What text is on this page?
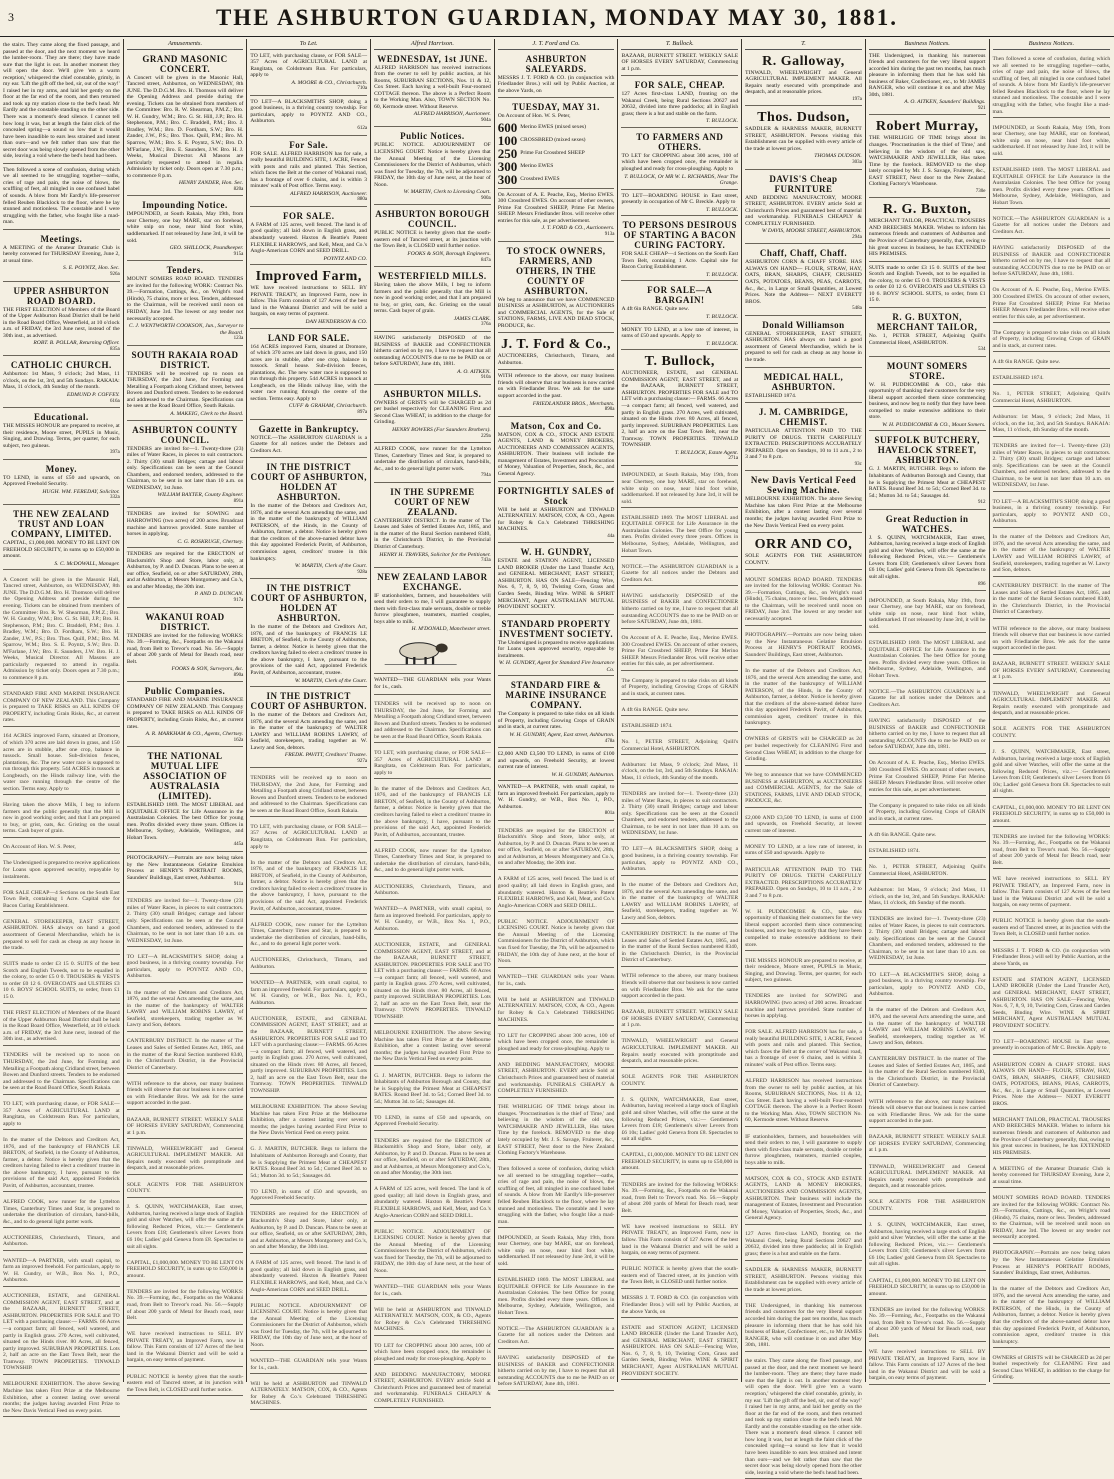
3	THE ASHBURTON GUARDIAN, MONDAY MAY 30, 1881.

the stairs. They came along the fixed passage, and passed at the door, and the next moment we heard the lumber-room. 'They are there; they have made sure that the light is out. In another moment they will open the door. We'll give 'em a warm reception,' whispered the chief constable, grimly, in my ear. 'Lift the gift off the bed, sir, out of the way!' I raised her in my arms, and laid her gently on the floor at the far end of the room, and then returned and took up my station close to the bed's head. Mr Eardly and the constable standing on the other side. There was a moment's dead silence. I cannot tell how long it was, but at length the faint click of the concealed spring—a sound so low that it would have been inaudible to ears less strained and intent than ours—and we felt rather than saw that the secret door was being slowly opened from the other side, leaving a void where the bed's head had been.

Then followed a scene of confusion, during which we all seemed to be struggling together—oaths, cries of rage and pain, the noise of blows, the scuffling of feet, all mingled in one confused babel of sounds. A blow from Mr Eardly's life-preserver felled Reuben Blacklock to the floor, where he lay stunned and motionless. The constable and I were struggling with the father, who fought like a mad-man.

Meetings.

A MEETING of the Amateur Dramatic Club is hereby convened for THURSDAY Evening, June 2, at usual time.

S. E. POYNTZ, Hon. Sec.
926a
UPPER ASHBURTON ROAD BOARD.

THE FIRST ELECTION of Members of the Board of the Upper Ashburton Road District shall be held in the Road Board Office, Westerfield, at 10 o'clock a.m. of FRIDAY, the 3rd June next, instead of the 30th inst., as advertised.

ROBT. B. POLLAR, Returning Officer.
835a
CATHOLIC CHURCH.

Ashburton: 1st Mass, 9 o'clock; 2nd Mass, 11 o'clock, on the 1st, 3rd, and 5th Sundays. RAKAIA: Mass, 11 o'clock, 4th Sunday of the month.

EDMUND P. COFFEY.
616a
Educational.

THE MISSES HONOUR are prepared to receive, at their residence, Moore street, PUPILS in Music, Singing, and Drawing. Terms, per quarter, for each subject, two guineas.

397a
Money.

TO LEND, in sums of £50 and upwards, on Approved Freehold Security.

HUGH. WM. FEREDAY, Solicitor.
332a
THE NEW ZEALAND TRUST AND LOAN COMPANY, LIMITED.

CAPITAL, £1,000,000. MONEY TO BE LENT ON FREEHOLD SECURITY, in sums up to £50,000 in amount.

S. C. McDOWALL, Manager.

A Concert will be given in the Masonic Hall, Tancred street, Ashburton, on WEDNESDAY, 8th JUNE. The D.D.G.M. Bro. H. Thomson will deliver the Opening Address and preside during the evening. Tickets can be obtained from members of the Committee: Bro. R. W. Shearman, P.M.Z.; Bro. W. H. Gundry, W.M.; Bro. G. St. Hill, J.P.; Bro. H. Stephenson, P.M.; Bro. C. Braddell, P.M.; Bro. J. Bradley, W.M.; Bro. D. Fordham, S.W.; Bro. H. Zander, J.W., P.S.; Bro. Thos. Quill, P.M.; Bro. M. Sparrow, W.M.; Bro. S. E. Poyntz, S.W.; Bro. D. M'Farlane, J.W.; Bro. E. Saunders, J.W. Bro. H. J. Weeks, Musical Director. All Masons are particularly requested to attend in regalia. Admission by ticket only. Doors open at 7.30 p.m.; to commence 8 p.m.

STANDARD FIRE AND MARINE INSURANCE COMPANY OF NEW ZEALAND. This Company is prepared to TAKE RISKS on ALL KINDS OF PROPERTY, including Grain Risks, &c., at current rates.

164 ACRES improved Farm, situated at Dromore, of which 370 acres are laid down in grass, and 150 acres are in stubble, after one crop, balance in tussock. Small house. Sub-division fences, plantations, &c. The new water race is supposed to run through this property. 544 ACRES in tussock at Longbeach, on the Hinds railway line, with the water race running through the centre of the section. Terms easy. Apply to

Having taken the above Mills, I beg to inform farmers and the public generally that the Mill is now in good working order, and that I am prepared to buy, or grist, oats, &c. Gristing on the usual terms. Cash buyer of grain.

On Account of Hon. W. S. Peter,

The Undersigned is prepared to receive applications for Loans upon approved security, repayable by instalments.

FOR SALE CHEAP—4 Sections on the South East Town Belt, containing 1 Acre. Capital site for Bacon Curing Establishment.

GENERAL STOREKEEPER, EAST STREET, ASHBURTON. HAS always on hand a good assortment of General Merchandise, which he is prepared to sell for cash as cheap as any house in the trade.

SUITS made to order £3 15 0. SUITS of the best Scotch and English Tweeds, not to be equalled in the colony, to order £5 0 0. TROUSERS & VESTS to order £0 12 6. OVERCOATS and ULSTERS £3 10 6. BOYS' SCHOOL SUITS, to order, from £1 15 0.

THE FIRST ELECTION of Members of the Board of the Upper Ashburton Road District shall be held in the Road Board Office, Westerfield, at 10 o'clock a.m. of FRIDAY, the 3rd June next, instead of the 30th inst., as advertised.

TENDERS will be received up to noon on THURSDAY, the 2nd June, for Forming and Metalling a Footpath along Cridland street, between Bowen and Dunford streets. Tenders to be endorsed and addressed to the Chairman. Specifications can be seen at the Road Board Office, South Rakaia.

TO LET, with purchasing clause, or FOR SALE—357 Acres of AGRICULTURAL LAND at Rangitata, on Coldstream Run. For particulars, apply to

In the matter of the Debtors and Creditors Act, 1876, and of the bankruptcy of FRANCIS LE BRETON, of Seafield, in the County of Ashburton, farmer, a debtor. Notice is hereby given that the creditors having failed to elect a creditors' trustee in the above bankruptcy, I have, pursuant to the provisions of the said Act, appointed Frederick Pavitt, of Ashburton, accountant, trustee.

ALFRED COOK, now runner for the Lyttelton Times, Canterbury Times and Star, is prepared to undertake the distribution of circulars, hand-bills, &c., and to do general light porter work.

AUCTIONEERS, Christchurch, Timaru, and Ashburton.

WANTED—A PARTNER, with small capital, to farm an improved freehold. For particulars, apply to W. H. Gundry, or W.B., Box No. 1, P.O., Ashburton.

AUCTIONEER, ESTATE, and GENERAL COMMISSION AGENT, EAST STREET, and at the BAZAAR, BURNETT STREET, ASHBURTON. PROPERTIES FOR SALE and TO LET with a purchasing clause:— FARMS. 66 Acres—a compact farm; all fenced, well watered, and partly in English grass. 270 Acres, well cultivated, situated on the Hinds river. 80 Acres, all fenced, partly improved. SUBURBAN PROPERTIES. Lots 2, half an acre on the East Town Belt, near the Tramway. TOWN PROPERTIES. TINWALD TOWNSHIP.

MELBOURNE EXHIBITION. The above Sewing Machine has taken First Prize at the Melbourne Exhibition, after a contest lasting over several months; the judges having awarded First Prize to the New Davis Vertical Feed on every point.

Amusements.
GRAND MASONIC CONCERT.

A Concert will be given in the Masonic Hall, Tancred street, Ashburton, on WEDNESDAY, 8th JUNE. The D.D.G.M. Bro. H. Thomson will deliver the Opening Address and preside during the evening. Tickets can be obtained from members of the Committee: Bro. R. W. Shearman, P.M.Z.; Bro. W. H. Gundry, W.M.; Bro. G. St. Hill, J.P.; Bro. H. Stephenson, P.M.; Bro. C. Braddell, P.M.; Bro. J. Bradley, W.M.; Bro. D. Fordham, S.W.; Bro. H. Zander, J.W., P.S.; Bro. Thos. Quill, P.M.; Bro. M. Sparrow, W.M.; Bro. S. E. Poyntz, S.W.; Bro. D. M'Farlane, J.W.; Bro. E. Saunders, J.W. Bro. H. J. Weeks, Musical Director. All Masons are particularly requested to attend in regalia. Admission by ticket only. Doors open at 7.30 p.m.; to commence 8 p.m.

HENRY ZANDER, Hon. Sec.
820a
Impounding Notice.

IMPOUNDED, at South Rakaia, May 19th, from near Chertsey, one bay MARE, star on forehead, white snip on nose, near hind foot white, saddlemarked. If not released by June 3rd, it will be sold.

GEO. SHILLOCK, Poundkeeper.
915a
Tenders.

MOUNT SOMERS ROAD BOARD. TENDERS are invited for the following WORK: Contract No. 39.—Formation, Cuttings, &c., on Wright's road (Hinds), 75 chains, more or less. Tenders, addressed to the Chairman, will be received until noon on FRIDAY, June 3rd. The lowest or any tender not necessarily accepted.

C. J. WENTWORTH COOKSON, Jun., Surveyor to the Board.
123a
SOUTH RAKAIA ROAD DISTRICT.

TENDERS will be received up to noon on THURSDAY, the 2nd June, for Forming and Metalling a Footpath along Cridland street, between Bowen and Dunford streets. Tenders to be endorsed and addressed to the Chairman. Specifications can be seen at the Road Board Office, South Rakaia.

A. MAKEIG, Clerk to the Board.
ASHBURTON COUNTY COUNCIL.

TENDERS are invited for—1. Twenty-three (23) miles of Water Races, in pieces to suit contractors. 2. Thirty (30) small Bridges; cartage and labour only. Specifications can be seen at the Council Chambers, and endorsed tenders, addressed to the Chairman, to be sent in not later than 10 a.m. on WEDNESDAY, 1st June.

WILLIAM BAXTER, County Engineer.
891a

TENDERS are invited for SOWING and HARROWING (two acres) of 200 acres. Broadcast machine and harrows provided. State number of horses in applying.

C. G. ROSKRUGE, Chertsey.

TENDERS are required for the ERECTION of Blacksmith's Shop and Store, labor only, at Ashburton, by P. and D. Duncan. Plans to be seen at our office, Seafield, on or after SATURDAY, 28th, and at Ashburton, at Messrs Montgomery and Co.'s, on and after Monday, the 30th inst.

P. AND D. DUNCAN.
917a
WAKANUI ROAD DISTRICT.

TENDERS are invited for the following WORKS: No. 39.—Forming, &c., Footpaths on the Wakanui road, from Belt to Trevor's road. No. 56.—Supply of about 200 yards of Metal for Beach road, near Belt.

FOOKS & SON, Surveyors, &c.
890a
Public Companies.

STANDARD FIRE AND MARINE INSURANCE COMPANY OF NEW ZEALAND. This Company is prepared to TAKE RISKS on ALL KINDS OF PROPERTY, including Grain Risks, &c., at current rates.

A. R. MARKHAM & CO., Agents, Chertsey.
162a
THE NATIONAL MUTUAL LIFE ASSOCIATION OF AUSTRALASIA (LIMITED).

ESTABLISHED 1869. The MOST LIBERAL and EQUITABLE OFFICE for Life Assurance in the Australasian Colonies. The best Office for young men. Profits divided every three years. Offices in Melbourne, Sydney, Adelaide, Wellington, and Hobart Town.

445a

PHOTOGRAPHY.—Portraits are now being taken by the New Instantaneous Gelatine Emulsion Process at HENRY'S PORTRAIT ROOMS, Saunders' Buildings, East street, Ashburton.

911a

TENDERS are invited for—1. Twenty-three (23) miles of Water Races, in pieces to suit contractors. 2. Thirty (30) small Bridges; cartage and labour only. Specifications can be seen at the Council Chambers, and endorsed tenders, addressed to the Chairman, to be sent in not later than 10 a.m. on WEDNESDAY, 1st June.

TO LET—A BLACKSMITH'S SHOP, doing a good business, in a thriving country township. For particulars, apply to POYNTZ AND CO., Ashburton.

In the matter of the Debtors and Creditors Act, 1876, and the several Acts amending the same, and in the matter of the bankruptcy of WALTER LAWRY and WILLIAM ROBINS LAWRY, of Seafield, storekeepers, trading together as W. Lawry and Son, debtors.

CANTERBURY DISTRICT. In the matter of The Leases and Sales of Settled Estates Act, 1865, and in the matter of the Rural Section numbered 8340, in the Christchurch District, in the Provincial District of Canterbury.

WITH reference to the above, our many business friends will observe that our business is now carried on with Friedlander Bros. We ask for the same support accorded in the past.

BAZAAR, BURNETT STREET. WEEKLY SALE OF HORSES EVERY SATURDAY, Commencing at 1 p.m.

TINWALD, WHEELWRIGHT and General AGRICULTURAL IMPLEMENT MAKER. All Repairs neatly executed with promptitude and despatch, and at reasonable prices.

SOLE AGENTS FOR THE ASHBURTON COUNTY.

J. S. QUINN, WATCHMAKER, East street, Ashburton, having received a large stock of English gold and silver Watches, will offer the same at the following Reduced Prices, viz.:— Gentlemen's Levers from £18; Gentlemen's silver Levers from £6 10s; Ladies' gold Geneva from £8. Spectacles to suit all sights.

CAPITAL, £1,000,000. MONEY TO BE LENT ON FREEHOLD SECURITY, in sums up to £50,000 in amount.

TENDERS are invited for the following WORKS: No. 39.—Forming, &c., Footpaths on the Wakanui road, from Belt to Trevor's road. No. 56.—Supply of about 200 yards of Metal for Beach road, near Belt.

WE have received instructions to SELL BY PRIVATE TREATY, an Improved Farm, now in fallow. This Farm consists of 127 Acres of the best land in the Wakanui District and will be sold a bargain, on easy terms of payment.

PUBLIC NOTICE is hereby given that the south-eastern end of Tancred street, at its junction with the Town Belt, is CLOSED until further notice.

To Let.

TO LET, with purchasing clause, or FOR SALE—357 Acres of AGRICULTURAL LAND at Rangitata, on Coldstream Run. For particulars, apply to

A. MOORE & CO., Christchurch.
710a

TO LET—A BLACKSMITH'S SHOP, doing a good business, in a thriving country township. For particulars, apply to POYNTZ AND CO., Ashburton.

612a
For Sale.

FOR SALE. ALFRED HARRISON has for sale, a really beautiful BUILDING SITE, 1 ACRE, Fenced with posts and rails and planted. This Section, which faces the Belt at the corner of Wakanui road, has a frontage of over 6 chains, and is within 3 minutes' walk of Post office. Terms easy.

ALFRED HARRISON, Auctioneer.
880a
FOR SALE.

A FARM of 125 acres, well fenced. The land is of good quality; all laid down in English grass, and abundantly watered. Haxton & Beattie's Patent FLEXIBLE HARROWS, and Kell, Meat, and Co.'s Anglo-American CORN and SEED DRILL.

POYNTZ AND CO.
Improved Farm,

WE have received instructions to SELL BY PRIVATE TREATY, an Improved Farm, now in fallow. This Farm consists of 127 Acres of the best land in the Wakanui District and will be sold a bargain, on easy terms of payment.

DAN HENDERSON & CO.
LAND FOR SALE.

164 ACRES improved Farm, situated at Dromore, of which 370 acres are laid down in grass, and 150 acres are in stubble, after one crop, balance in tussock. Small house. Sub-division fences, plantations, &c. The new water race is supposed to run through this property. 544 ACRES in tussock at Longbeach, on the Hinds railway line, with the water race running through the centre of the section. Terms easy. Apply to

CUFF & GRAHAM, Christchurch.
897a
Gazette in Bankruptcy.

NOTICE.—The ASHBURTON GUARDIAN is a Gazette for all notices under the Debtors and Creditors Act.

IN THE DISTRICT COURT OF ASHBURTON, HOLDEN AT ASHBURTON.

In the matter of the Debtors and Creditors Act, 1876, and the several Acts amending the same, and in the matter of the bankruptcy of WILLIAM PATERSON, of the Hinds, in the County of Ashburton, farmer, a debtor. Notice is hereby given that the creditors of the above-named debtor have this day appointed Frederick Pavitt, of Ashburton, commission agent, creditors' trustee in this bankruptcy.

W. MARTIN, Clerk of the Court.
928a
IN THE DISTRICT COURT OF ASHBURTON, HOLDEN AT ASHBURTON.

In the matter of the Debtors and Creditors Act, 1876, and of the bankruptcy of FRANCIS LE BRETON, of Seafield, in the County of Ashburton, farmer, a debtor. Notice is hereby given that the creditors having failed to elect a creditors' trustee in the above bankruptcy, I have, pursuant to the provisions of the said Act, appointed Frederick Pavitt, of Ashburton, accountant, trustee.

W. MARTIN, Clerk of the Court.
IN THE DISTRICT COURT OF ASHBURTON.

In the matter of the Debtors and Creditors Act, 1876, and the several Acts amending the same, and in the matter of the bankruptcy of WALTER LAWRY and WILLIAM ROBINS LAWRY, of Seafield, storekeepers, trading together as W. Lawry and Son, debtors.

FREDK. PAVITT, Creditors' Trustee.
927a

TENDERS will be received up to noon on THURSDAY, the 2nd June, for Forming and Metalling a Footpath along Cridland street, between Bowen and Dunford streets. Tenders to be endorsed and addressed to the Chairman. Specifications can be seen at the Road Board Office, South Rakaia.

TO LET, with purchasing clause, or FOR SALE—357 Acres of AGRICULTURAL LAND at Rangitata, on Coldstream Run. For particulars, apply to

In the matter of the Debtors and Creditors Act, 1876, and of the bankruptcy of FRANCIS LE BRETON, of Seafield, in the County of Ashburton, farmer, a debtor. Notice is hereby given that the creditors having failed to elect a creditors' trustee in the above bankruptcy, I have, pursuant to the provisions of the said Act, appointed Frederick Pavitt, of Ashburton, accountant, trustee.

ALFRED COOK, now runner for the Lyttelton Times, Canterbury Times and Star, is prepared to undertake the distribution of circulars, hand-bills, &c., and to do general light porter work.

AUCTIONEERS, Christchurch, Timaru, and Ashburton.

WANTED—A PARTNER, with small capital, to farm an improved freehold. For particulars, apply to W. H. Gundry, or W.B., Box No. 1, P.O., Ashburton.

AUCTIONEER, ESTATE, and GENERAL COMMISSION AGENT, EAST STREET, and at the BAZAAR, BURNETT STREET, ASHBURTON. PROPERTIES FOR SALE and TO LET with a purchasing clause:— FARMS. 66 Acres—a compact farm; all fenced, well watered, and partly in English grass. 270 Acres, well cultivated, situated on the Hinds river. 80 Acres, all fenced, partly improved. SUBURBAN PROPERTIES. Lots 2, half an acre on the East Town Belt, near the Tramway. TOWN PROPERTIES. TINWALD TOWNSHIP.

MELBOURNE EXHIBITION. The above Sewing Machine has taken First Prize at the Melbourne Exhibition, after a contest lasting over several months; the judges having awarded First Prize to the New Davis Vertical Feed on every point.

G. J. MARTIN, BUTCHER. Begs to inform the Inhabitants of Ashburton Borough and County, that he is Supplying the Primest Meat at CHEAPEST RATES. Round Beef 3d. to 5d.; Corned Beef 3d. to 5d.; Mutton 3d. to 5d.; Sausages 4d.

TO LEND, in sums of £50 and upwards, on Approved Freehold Security.

TENDERS are required for the ERECTION of Blacksmith's Shop and Store, labor only, at Ashburton, by P. and D. Duncan. Plans to be seen at our office, Seafield, on or after SATURDAY, 28th, and at Ashburton, at Messrs Montgomery and Co.'s, on and after Monday, the 30th inst.

A FARM of 125 acres, well fenced. The land is of good quality; all laid down in English grass, and abundantly watered. Haxton & Beattie's Patent FLEXIBLE HARROWS, and Kell, Meat, and Co.'s Anglo-American CORN and SEED DRILL.

PUBLIC NOTICE. ADJOURNMENT OF LICENSING COURT. Notice is hereby given that the Annual Meeting of the Licensing Commissioners for the District of Ashburton, which was fixed for Tuesday, the 7th, will be adjourned to FRIDAY, the 10th day of June next, at the hour of Noon.

WANTED—THE GUARDIAN tells your Wants for 1s., cash.

Will be held at ASHBURTON and TINWALD ALTERNATELY. MATSON, COX, & CO., Agents for Robey & Co.'s Celebrated THRESHING MACHINES.

Alfred Harrison.
WEDNESDAY, 1st JUNE.

ALFRED HARRISON has received instructions from the owner to sell by public auction, at his Rooms, SUBURBAN SECTIONS, Nos. 11 & 12, Cox Street. Each having a well-built Four-roomed COTTAGE thereon. The above is a Perfect Room to the Working Man. Also, TOWN SECTION No. 60, Kermode street. Without Reserve.

ALFRED HARRISON, Auctioneer.
904a
Public Notices.

PUBLIC NOTICE. ADJOURNMENT OF LICENSING COURT. Notice is hereby given that the Annual Meeting of the Licensing Commissioners for the District of Ashburton, which was fixed for Tuesday, the 7th, will be adjourned to FRIDAY, the 10th day of June next, at the hour of Noon.

W. MARTIN, Clerk to Licensing Court.
900a
ASHBURTON BOROUGH COUNCIL.

PUBLIC NOTICE is hereby given that the south-eastern end of Tancred street, at its junction with the Town Belt, is CLOSED until further notice.

FOOKS & SON, Borough Engineers.
847a
WESTERFIELD MILLS.

Having taken the above Mills, I beg to inform farmers and the public generally that the Mill is now in good working order, and that I am prepared to buy, or grist, oats, &c. Gristing on the usual terms. Cash buyer of grain.

JAMES CLARK.
376a

HAVING satisfactorily DISPOSED of the BUSINESS of BAKER and CONFECTIONER hitherto carried on by me, I have to request that all outstanding ACCOUNTS due to me be PAID on or before SATURDAY, June 4th, 1881.

A. O. AITKEN.
910a
ASHBURTON MILLS.

OWNERS of GRISTS will be CHARGED as 2d per bushel respectively for CLEANING First and Second Class WHEAT, in addition to the charge for Grinding.

HENRY BOWERS (For Saunders Brothers).
229a

ALFRED COOK, now runner for the Lyttelton Times, Canterbury Times and Star, is prepared to undertake the distribution of circulars, hand-bills, &c., and to do general light porter work.

794a
IN THE SUPREME COURT OF NEW ZEALAND.

CANTERBURY DISTRICT. In the matter of The Leases and Sales of Settled Estates Act, 1865, and in the matter of the Rural Section numbered 8340, in the Christchurch District, in the Provincial District of Canterbury.

HENRY H. TRAVERS, Solicitor for the Petitioner.
743a
NEW ZEALAND LABOR EXCHANGE.

IF stationholders, farmers, and householders will send their orders to me, I will guarantee to supply them with first-class male servants, double or treble furrow ploughmen, teamsters, married couples, boys able to milk.

H. M'DONALD, Manchester street.

WANTED—THE GUARDIAN tells your Wants for 1s., cash.

TENDERS will be received up to noon on THURSDAY, the 2nd June, for Forming and Metalling a Footpath along Cridland street, between Bowen and Dunford streets. Tenders to be endorsed and addressed to the Chairman. Specifications can be seen at the Road Board Office, South Rakaia.

TO LET, with purchasing clause, or FOR SALE—357 Acres of AGRICULTURAL LAND at Rangitata, on Coldstream Run. For particulars, apply to

In the matter of the Debtors and Creditors Act, 1876, and of the bankruptcy of FRANCIS LE BRETON, of Seafield, in the County of Ashburton, farmer, a debtor. Notice is hereby given that the creditors having failed to elect a creditors' trustee in the above bankruptcy, I have, pursuant to the provisions of the said Act, appointed Frederick Pavitt, of Ashburton, accountant, trustee.

ALFRED COOK, now runner for the Lyttelton Times, Canterbury Times and Star, is prepared to undertake the distribution of circulars, hand-bills, &c., and to do general light porter work.

AUCTIONEERS, Christchurch, Timaru, and Ashburton.

WANTED—A PARTNER, with small capital, to farm an improved freehold. For particulars, apply to W. H. Gundry, or W.B., Box No. 1, P.O., Ashburton.

AUCTIONEER, ESTATE, and GENERAL COMMISSION AGENT, EAST STREET, and at the BAZAAR, BURNETT STREET, ASHBURTON. PROPERTIES FOR SALE and TO LET with a purchasing clause:— FARMS. 66 Acres—a compact farm; all fenced, well watered, and partly in English grass. 270 Acres, well cultivated, situated on the Hinds river. 80 Acres, all fenced, partly improved. SUBURBAN PROPERTIES. Lots 2, half an acre on the East Town Belt, near the Tramway. TOWN PROPERTIES. TINWALD TOWNSHIP.

MELBOURNE EXHIBITION. The above Sewing Machine has taken First Prize at the Melbourne Exhibition, after a contest lasting over several months; the judges having awarded First Prize to the New Davis Vertical Feed on every point.

G. J. MARTIN, BUTCHER. Begs to inform the Inhabitants of Ashburton Borough and County, that he is Supplying the Primest Meat at CHEAPEST RATES. Round Beef 3d. to 5d.; Corned Beef 3d. to 5d.; Mutton 3d. to 5d.; Sausages 4d.

TO LEND, in sums of £50 and upwards, on Approved Freehold Security.

TENDERS are required for the ERECTION of Blacksmith's Shop and Store, labor only, at Ashburton, by P. and D. Duncan. Plans to be seen at our office, Seafield, on or after SATURDAY, 28th, and at Ashburton, at Messrs Montgomery and Co.'s, on and after Monday, the 30th inst.

A FARM of 125 acres, well fenced. The land is of good quality; all laid down in English grass, and abundantly watered. Haxton & Beattie's Patent FLEXIBLE HARROWS, and Kell, Meat, and Co.'s Anglo-American CORN and SEED DRILL.

PUBLIC NOTICE. ADJOURNMENT OF LICENSING COURT. Notice is hereby given that the Annual Meeting of the Licensing Commissioners for the District of Ashburton, which was fixed for Tuesday, the 7th, will be adjourned to FRIDAY, the 10th day of June next, at the hour of Noon.

WANTED—THE GUARDIAN tells your Wants for 1s., cash.

Will be held at ASHBURTON and TINWALD ALTERNATELY. MATSON, COX, & CO., Agents for Robey & Co.'s Celebrated THRESHING MACHINES.

TO LET for CROPPING about 300 acres, 100 of which have been cropped once, the remainder is ploughed and ready for cross-ploughing. Apply to

AND BEDDING MANUFACTORY, MOORE STREET, ASHBURTON. EVERY article Sold at Christchurch Prices and guaranteed best of material and workmanship. FUNERALS CHEAPLY & COMPLETELY FURNISHED.

J. T. Ford and Co.
ASHBURTON SALEYARDS.

MESSRS J. T. FORD & CO. (in conjunction with Friedlander Bros.) will sell by Public Auction, at the above Yards, on

TUESDAY, MAY 31.

On Account of Hon. W. S. Peter,

600 Merino EWES (mixed sexes)
100 CROSSBRED (mixed sexes)
250 Prime Fat Crossbred SHEEP
300 Merino EWES
300 Crossbred EWES

On Account of A. E. Peache, Esq., Merino EWES. 300 Crossbred EWES. On account of other owners, Prime Fat Crossbred SHEEP, Prime Fat Merino SHEEP. Messrs Friedlander Bros. will receive other entries for this sale, as per advertisement.

J. T. FORD & CO., Auctioneers.
913a
TO STOCK OWNERS, FARMERS, AND OTHERS, IN THE COUNTY OF ASHBURTON.

We beg to announce that we have COMMENCED BUSINESS at ASHBURTON, as AUCTIONEERS and COMMERCIAL AGENTS, for the Sale of STATIONS, FARMS, LIVE AND DEAD STOCK, PRODUCE, &c.

J. T. Ford & Co.,

AUCTIONEERS, Christchurch, Timaru, and Ashburton.

WITH reference to the above, our many business friends will observe that our business is now carried on with Friedlander Bros. We ask for the same support accorded in the past.

FRIEDLANDER BROS., Merchants.
890a
Matson, Cox and Co.

MATSON, COX & CO., STOCK AND ESTATE AGENTS, LAND & MONEY BROKERS, AUCTIONEERS AND COMMISSION AGENTS, ASHBURTON. Their business will include the management of Estates, Investment and Procuration of Money, Valuation of Properties, Stock, &c., and General Agency.

FORTNIGHTLY SALES of Stock

Will be held at ASHBURTON and TINWALD ALTERNATELY. MATSON, COX, & CO., Agents for Robey & Co.'s Celebrated THRESHING MACHINES.

44a
W. H. GUNDRY,

ESTATE and STATION AGENT, LICENSED LAND BROKER (Under the Land Transfer Act), and GENERAL MERCHANT, EAST STREET, ASHBURTON. HAS ON SALE—Fencing Wire, Nos. 6, 7, 8, 9, 10, Twisting Corn, Grass and Garden Seeds, Binding Wire. WINE & SPIRIT MERCHANT, Agent AUSTRALIAN MUTUAL PROVIDENT SOCIETY.

STANDARD PROPERTY INVESTMENT SOCIETY.

The Undersigned is prepared to receive applications for Loans upon approved security, repayable by instalments.

W. H. GUNDRY, Agent for Standard Fire Insurance Co.
STANDARD FIRE & MARINE INSURANCE COMPANY.

The Company is prepared to take risks on all kinds of Property, including Growing Crops of GRAIN and in stack, at current rates.

W. H. GUNDRY, Agent, East street, Ashburton.
478a

£2,000 AND £3,500 TO LEND, in sums of £100 and upwards, on Freehold Security, at lowest current rate of interest.

W. H. GUNDRY, Ashburton.

WANTED—A PARTNER, with small capital, to farm an improved freehold. For particulars, apply to W. H. Gundry, or W.B., Box No. 1, P.O., Ashburton.

801a

TENDERS are required for the ERECTION of Blacksmith's Shop and Store, labor only, at Ashburton, by P. and D. Duncan. Plans to be seen at our office, Seafield, on or after SATURDAY, 28th, and at Ashburton, at Messrs Montgomery and Co.'s, on and after Monday, the 30th inst.

A FARM of 125 acres, well fenced. The land is of good quality; all laid down in English grass, and abundantly watered. Haxton & Beattie's Patent FLEXIBLE HARROWS, and Kell, Meat, and Co.'s Anglo-American CORN and SEED DRILL.

PUBLIC NOTICE. ADJOURNMENT OF LICENSING COURT. Notice is hereby given that the Annual Meeting of the Licensing Commissioners for the District of Ashburton, which was fixed for Tuesday, the 7th, will be adjourned to FRIDAY, the 10th day of June next, at the hour of Noon.

WANTED—THE GUARDIAN tells your Wants for 1s., cash.

Will be held at ASHBURTON and TINWALD ALTERNATELY. MATSON, COX, & CO., Agents for Robey & Co.'s Celebrated THRESHING MACHINES.

TO LET for CROPPING about 300 acres, 100 of which have been cropped once, the remainder is ploughed and ready for cross-ploughing. Apply to

AND BEDDING MANUFACTORY, MOORE STREET, ASHBURTON. EVERY article Sold at Christchurch Prices and guaranteed best of material and workmanship. FUNERALS CHEAPLY & COMPLETELY FURNISHED.

THE WHIRLIGIG OF TIME brings about its changes. 'Procrastination is the thief of Time,' and believing in the wisdom of the old saw, WATCHMAKER AND JEWELLER, Has taken Time by the forelock. REMOVED to the shop lately occupied by Mr. J. S. Savage, Fruiterer, &c., EAST STREET, Next door to the New Zealand Clothing Factory's Warehouse.

Then followed a scene of confusion, during which we all seemed to be struggling together—oaths, cries of rage and pain, the noise of blows, the scuffling of feet, all mingled in one confused babel of sounds. A blow from Mr Eardly's life-preserver felled Reuben Blacklock to the floor, where he lay stunned and motionless. The constable and I were struggling with the father, who fought like a mad-man.

IMPOUNDED, at South Rakaia, May 19th, from near Chertsey, one bay MARE, star on forehead, white snip on nose, near hind foot white, saddlemarked. If not released by June 3rd, it will be sold.

ESTABLISHED 1869. The MOST LIBERAL and EQUITABLE OFFICE for Life Assurance in the Australasian Colonies. The best Office for young men. Profits divided every three years. Offices in Melbourne, Sydney, Adelaide, Wellington, and Hobart Town.

NOTICE.—The ASHBURTON GUARDIAN is a Gazette for all notices under the Debtors and Creditors Act.

HAVING satisfactorily DISPOSED of the BUSINESS of BAKER and CONFECTIONER hitherto carried on by me, I have to request that all outstanding ACCOUNTS due to me be PAID on or before SATURDAY, June 4th, 1881.

T. Bullock.

BAZAAR, BURNETT STREET. WEEKLY SALE OF HORSES EVERY SATURDAY, Commencing at 1 p.m.

FOR SALE, CHEAP.

127 Acres first-class LAND, fronting on the Wakanui Creek, being Rural Sections 20627 and 20632, divided into three paddocks; all in English grass; there is a hut and stable on the farm.

T. BULLOCK.
TO FARMERS AND OTHERS.

TO LET for CROPPING about 300 acres, 100 of which have been cropped once, the remainder is ploughed and ready for cross-ploughing. Apply to

T. BULLOCK, Or MR W. L. RICHARDS, Near The Grange.

TO LET—BOARDING HOUSE in East street, presently in occupation of Mr C. Breckle. Apply to

T. BULLOCK.
TO PERSONS DESIROUS OF STARTING A BACON CURING FACTORY.

FOR SALE CHEAP—4 Sections on the South East Town Belt, containing 1 Acre. Capital site for Bacon Curing Establishment.

T. BULLOCK.
FOR SALE—A BARGAIN!

A 4ft 6in RANGE. Quite new.

T. BULLOCK.

MONEY TO LEND, at a low rate of interest, in sums of £50 and upwards. Apply to

T. BULLOCK.
T. Bullock,

AUCTIONEER, ESTATE, and GENERAL COMMISSION AGENT, EAST STREET, and at the BAZAAR, BURNETT STREET, ASHBURTON. PROPERTIES FOR SALE and TO LET with a purchasing clause:— FARMS. 66 Acres—a compact farm; all fenced, well watered, and partly in English grass. 270 Acres, well cultivated, situated on the Hinds river. 80 Acres, all fenced, partly improved. SUBURBAN PROPERTIES. Lots 2, half an acre on the East Town Belt, near the Tramway. TOWN PROPERTIES. TINWALD TOWNSHIP.

T. BULLOCK, Estate Agent.
271a

IMPOUNDED, at South Rakaia, May 19th, from near Chertsey, one bay MARE, star on forehead, white snip on nose, near hind foot white, saddlemarked. If not released by June 3rd, it will be sold.

ESTABLISHED 1869. The MOST LIBERAL and EQUITABLE OFFICE for Life Assurance in the Australasian Colonies. The best Office for young men. Profits divided every three years. Offices in Melbourne, Sydney, Adelaide, Wellington, and Hobart Town.

NOTICE.—The ASHBURTON GUARDIAN is a Gazette for all notices under the Debtors and Creditors Act.

HAVING satisfactorily DISPOSED of the BUSINESS of BAKER and CONFECTIONER hitherto carried on by me, I have to request that all outstanding ACCOUNTS due to me be PAID on or before SATURDAY, June 4th, 1881.

On Account of A. E. Peache, Esq., Merino EWES. 300 Crossbred EWES. On account of other owners, Prime Fat Crossbred SHEEP, Prime Fat Merino SHEEP. Messrs Friedlander Bros. will receive other entries for this sale, as per advertisement.

The Company is prepared to take risks on all kinds of Property, including Growing Crops of GRAIN and in stack, at current rates.

A 4ft 6in RANGE. Quite new.

ESTABLISHED 1874.

No. 1, PETER STREET, Adjoining Quill's Commercial Hotel, ASHBURTON.

Ashburton: 1st Mass, 9 o'clock; 2nd Mass, 11 o'clock, on the 1st, 3rd, and 5th Sundays. RAKAIA: Mass, 11 o'clock, 4th Sunday of the month.

TENDERS are invited for—1. Twenty-three (23) miles of Water Races, in pieces to suit contractors. 2. Thirty (30) small Bridges; cartage and labour only. Specifications can be seen at the Council Chambers, and endorsed tenders, addressed to the Chairman, to be sent in not later than 10 a.m. on WEDNESDAY, 1st June.

TO LET—A BLACKSMITH'S SHOP, doing a good business, in a thriving country township. For particulars, apply to POYNTZ AND CO., Ashburton.

In the matter of the Debtors and Creditors Act, 1876, and the several Acts amending the same, and in the matter of the bankruptcy of WALTER LAWRY and WILLIAM ROBINS LAWRY, of Seafield, storekeepers, trading together as W. Lawry and Son, debtors.

CANTERBURY DISTRICT. In the matter of The Leases and Sales of Settled Estates Act, 1865, and in the matter of the Rural Section numbered 8340, in the Christchurch District, in the Provincial District of Canterbury.

WITH reference to the above, our many business friends will observe that our business is now carried on with Friedlander Bros. We ask for the same support accorded in the past.

BAZAAR, BURNETT STREET. WEEKLY SALE OF HORSES EVERY SATURDAY, Commencing at 1 p.m.

TINWALD, WHEELWRIGHT and General AGRICULTURAL IMPLEMENT MAKER. All Repairs neatly executed with promptitude and despatch, and at reasonable prices.

SOLE AGENTS FOR THE ASHBURTON COUNTY.

J. S. QUINN, WATCHMAKER, East street, Ashburton, having received a large stock of English gold and silver Watches, will offer the same at the following Reduced Prices, viz.:— Gentlemen's Levers from £18; Gentlemen's silver Levers from £6 10s; Ladies' gold Geneva from £8. Spectacles to suit all sights.

CAPITAL, £1,000,000. MONEY TO BE LENT ON FREEHOLD SECURITY, in sums up to £50,000 in amount.

TENDERS are invited for the following WORKS: No. 39.—Forming, &c., Footpaths on the Wakanui road, from Belt to Trevor's road. No. 56.—Supply of about 200 yards of Metal for Beach road, near Belt.

WE have received instructions to SELL BY PRIVATE TREATY, an Improved Farm, now in fallow. This Farm consists of 127 Acres of the best land in the Wakanui District and will be sold a bargain, on easy terms of payment.

PUBLIC NOTICE is hereby given that the south-eastern end of Tancred street, at its junction with the Town Belt, is CLOSED until further notice.

MESSRS J. T. FORD & CO. (in conjunction with Friedlander Bros.) will sell by Public Auction, at the above Yards, on

ESTATE and STATION AGENT, LICENSED LAND BROKER (Under the Land Transfer Act), and GENERAL MERCHANT, EAST STREET, ASHBURTON. HAS ON SALE—Fencing Wire, Nos. 6, 7, 8, 9, 10, Twisting Corn, Grass and Garden Seeds, Binding Wire. WINE & SPIRIT MERCHANT, Agent AUSTRALIAN MUTUAL PROVIDENT SOCIETY.

T.
R. Galloway,

TINWALD, WHEELWRIGHT and General AGRICULTURAL IMPLEMENT MAKER. All Repairs neatly executed with promptitude and despatch, and at reasonable prices.

197a
Thos. Dudson,

SADDLER & HARNESS MAKER, BURNETT STREET, ASHBURTON. Persons visiting this Establishment can be supplied with every article of the trade at lowest prices.

THOMAS DUDSON.
303a
DAVIS'S Cheap FURNITURE

AND BEDDING MANUFACTORY, MOORE STREET, ASHBURTON. EVERY article Sold at Christchurch Prices and guaranteed best of material and workmanship. FUNERALS CHEAPLY & COMPLETELY FURNISHED.

W DAVIS, MOORE STREET, ASHBURTON.
294a
Chaff, Chaff, Chaff.

ASHBURTON CORN & CHAFF STORE. HAS ALWAYS ON HAND— FLOUR, STRAW, HAY, OATS, BRAN, SHARPS, CHAFF, CRUSHED OATS, POTATOES, BEANS, PEAS, CARROTS, &c., &c., in Large or Small Quantities, at Lowest Prices. Note the Address— NEXT EVERETT BROS.

548a
Donald Williamson

GENERAL STOREKEEPER, EAST STREET, ASHBURTON. HAS always on hand a good assortment of General Merchandise, which he is prepared to sell for cash as cheap as any house in the trade.

MEDICAL HALL, ASHBURTON.

ESTABLISHED 1874.

J. M. CAMBRIDGE, CHEMIST.

PARTICULAR ATTENTION PAID TO THE PURITY OF DRUGS. TEETH CAREFULLY EXTRACTED. PRESCRIPTIONS ACCURATELY PREPARED. Open on Sundays, 10 to 11 a.m., 2 to 3 and 7 to 8 p.m.

93c
New Davis Vertical Feed Sewing Machine.

MELBOURNE EXHIBITION. The above Sewing Machine has taken First Prize at the Melbourne Exhibition, after a contest lasting over several months; the judges having awarded First Prize to the New Davis Vertical Feed on every point.

ORR AND CO,

SOLE AGENTS FOR THE ASHBURTON COUNTY.

MOUNT SOMERS ROAD BOARD. TENDERS are invited for the following WORK: Contract No. 39.—Formation, Cuttings, &c., on Wright's road (Hinds), 75 chains, more or less. Tenders, addressed to the Chairman, will be received until noon on FRIDAY, June 3rd. The lowest or any tender not necessarily accepted.

PHOTOGRAPHY.—Portraits are now being taken by the New Instantaneous Gelatine Emulsion Process at HENRY'S PORTRAIT ROOMS, Saunders' Buildings, East street, Ashburton.

In the matter of the Debtors and Creditors Act, 1876, and the several Acts amending the same, and in the matter of the bankruptcy of WILLIAM PATERSON, of the Hinds, in the County of Ashburton, farmer, a debtor. Notice is hereby given that the creditors of the above-named debtor have this day appointed Frederick Pavitt, of Ashburton, commission agent, creditors' trustee in this bankruptcy.

OWNERS of GRISTS will be CHARGED as 2d per bushel respectively for CLEANING First and Second Class WHEAT, in addition to the charge for Grinding.

We beg to announce that we have COMMENCED BUSINESS at ASHBURTON, as AUCTIONEERS and COMMERCIAL AGENTS, for the Sale of STATIONS, FARMS, LIVE AND DEAD STOCK, PRODUCE, &c.

£2,000 AND £3,500 TO LEND, in sums of £100 and upwards, on Freehold Security, at lowest current rate of interest.

MONEY TO LEND, at a low rate of interest, in sums of £50 and upwards. Apply to

PARTICULAR ATTENTION PAID TO THE PURITY OF DRUGS. TEETH CAREFULLY EXTRACTED. PRESCRIPTIONS ACCURATELY PREPARED. Open on Sundays, 10 to 11 a.m., 2 to 3 and 7 to 8 p.m.

W. H. PUDDICOMBE & CO., take this opportunity of thanking their customers for the very liberal support accorded them since commencing business, and now beg to notify that they have been compelled to make extensive additions to their store.

THE MISSES HONOUR are prepared to receive, at their residence, Moore street, PUPILS in Music, Singing, and Drawing. Terms, per quarter, for each subject, two guineas.

TENDERS are invited for SOWING and HARROWING (two acres) of 200 acres. Broadcast machine and harrows provided. State number of horses in applying.

FOR SALE. ALFRED HARRISON has for sale, a really beautiful BUILDING SITE, 1 ACRE, Fenced with posts and rails and planted. This Section, which faces the Belt at the corner of Wakanui road, has a frontage of over 6 chains, and is within 3 minutes' walk of Post office. Terms easy.

ALFRED HARRISON has received instructions from the owner to sell by public auction, at his Rooms, SUBURBAN SECTIONS, Nos. 11 & 12, Cox Street. Each having a well-built Four-roomed COTTAGE thereon. The above is a Perfect Room to the Working Man. Also, TOWN SECTION No. 60, Kermode street. Without Reserve.

IF stationholders, farmers, and householders will send their orders to me, I will guarantee to supply them with first-class male servants, double or treble furrow ploughmen, teamsters, married couples, boys able to milk.

MATSON, COX & CO., STOCK AND ESTATE AGENTS, LAND & MONEY BROKERS, AUCTIONEERS AND COMMISSION AGENTS, ASHBURTON. Their business will include the management of Estates, Investment and Procuration of Money, Valuation of Properties, Stock, &c., and General Agency.

127 Acres first-class LAND, fronting on the Wakanui Creek, being Rural Sections 20627 and 20632, divided into three paddocks; all in English grass; there is a hut and stable on the farm.

SADDLER & HARNESS MAKER, BURNETT STREET, ASHBURTON. Persons visiting this Establishment can be supplied with every article of the trade at lowest prices.

THE Undersigned, in thanking his numerous friends and customers for the very liberal support accorded him during the past ten months, has much pleasure in informing them that he has sold his business of Baker, Confectioner, etc., to Mr JAMES RANGER, who will continue it on and after May 30th, 1881.

the stairs. They came along the fixed passage, and passed at the door, and the next moment we heard the lumber-room. 'They are there; they have made sure that the light is out. In another moment they will open the door. We'll give 'em a warm reception,' whispered the chief constable, grimly, in my ear. 'Lift the gift off the bed, sir, out of the way!' I raised her in my arms, and laid her gently on the floor at the far end of the room, and then returned and took up my station close to the bed's head. Mr Eardly and the constable standing on the other side. There was a moment's dead silence. I cannot tell how long it was, but at length the faint click of the concealed spring—a sound so low that it would have been inaudible to ears less strained and intent than ours—and we felt rather than saw that the secret door was being slowly opened from the other side, leaving a void where the bed's head had been.

Business Notices.

THE Undersigned, in thanking his numerous friends and customers for the very liberal support accorded him during the past ten months, has much pleasure in informing them that he has sold his business of Baker, Confectioner, etc., to Mr JAMES RANGER, who will continue it on and after May 30th, 1881.

A. O. AITKEN, Saunders' Buildings.
921
Robert Murray,

THE WHIRLIGIG OF TIME brings about its changes. 'Procrastination is the thief of Time,' and believing in the wisdom of the old saw, WATCHMAKER AND JEWELLER, Has taken Time by the forelock. REMOVED to the shop lately occupied by Mr. J. S. Savage, Fruiterer, &c., EAST STREET, Next door to the New Zealand Clothing Factory's Warehouse.

730e
R. G. Buxton,

MERCHANT TAILOR, PRACTICAL TROUSERS AND BREECHES MAKER. Wishes to inform his numerous friends and customers of Ashburton and the Province of Canterbury generally, that, owing to his great success in business, he has EXTENDED HIS PREMISES.

SUITS made to order £3 15 0. SUITS of the best Scotch and English Tweeds, not to be equalled in the colony, to order £5 0 0. TROUSERS & VESTS to order £0 12 6. OVERCOATS and ULSTERS £3 10 6. BOYS' SCHOOL SUITS, to order, from £1 15 0.

R. G. BUXTON, MERCHANT TAILOR,

No. 1, PETER STREET, Adjoining Quill's Commercial Hotel, ASHBURTON.

534
MOUNT SOMERS STORE.

W. H. PUDDICOMBE & CO., take this opportunity of thanking their customers for the very liberal support accorded them since commencing business, and now beg to notify that they have been compelled to make extensive additions to their store.

W. H. PUDDICOMBE & CO., Mount Somers.
SUFFOLK BUTCHERY, HAVELOCK STREET, ASHBURTON.

G. J. MARTIN, BUTCHER. Begs to inform the Inhabitants of Ashburton Borough and County, that he is Supplying the Primest Meat at CHEAPEST RATES. Round Beef 3d. to 5d.; Corned Beef 3d. to 5d.; Mutton 3d. to 5d.; Sausages 4d.

912
Great Reduction in WATCHES.

J. S. QUINN, WATCHMAKER, East street, Ashburton, having received a large stock of English gold and silver Watches, will offer the same at the following Reduced Prices, viz.:— Gentlemen's Levers from £18; Gentlemen's silver Levers from £6 10s; Ladies' gold Geneva from £8. Spectacles to suit all sights.

896

IMPOUNDED, at South Rakaia, May 19th, from near Chertsey, one bay MARE, star on forehead, white snip on nose, near hind foot white, saddlemarked. If not released by June 3rd, it will be sold.

ESTABLISHED 1869. The MOST LIBERAL and EQUITABLE OFFICE for Life Assurance in the Australasian Colonies. The best Office for young men. Profits divided every three years. Offices in Melbourne, Sydney, Adelaide, Wellington, and Hobart Town.

NOTICE.—The ASHBURTON GUARDIAN is a Gazette for all notices under the Debtors and Creditors Act.

HAVING satisfactorily DISPOSED of the BUSINESS of BAKER and CONFECTIONER hitherto carried on by me, I have to request that all outstanding ACCOUNTS due to me be PAID on or before SATURDAY, June 4th, 1881.

On Account of A. E. Peache, Esq., Merino EWES. 300 Crossbred EWES. On account of other owners, Prime Fat Crossbred SHEEP, Prime Fat Merino SHEEP. Messrs Friedlander Bros. will receive other entries for this sale, as per advertisement.

The Company is prepared to take risks on all kinds of Property, including Growing Crops of GRAIN and in stack, at current rates.

A 4ft 6in RANGE. Quite new.

ESTABLISHED 1874.

No. 1, PETER STREET, Adjoining Quill's Commercial Hotel, ASHBURTON.

Ashburton: 1st Mass, 9 o'clock; 2nd Mass, 11 o'clock, on the 1st, 3rd, and 5th Sundays. RAKAIA: Mass, 11 o'clock, 4th Sunday of the month.

TENDERS are invited for—1. Twenty-three (23) miles of Water Races, in pieces to suit contractors. 2. Thirty (30) small Bridges; cartage and labour only. Specifications can be seen at the Council Chambers, and endorsed tenders, addressed to the Chairman, to be sent in not later than 10 a.m. on WEDNESDAY, 1st June.

TO LET—A BLACKSMITH'S SHOP, doing a good business, in a thriving country township. For particulars, apply to POYNTZ AND CO., Ashburton.

In the matter of the Debtors and Creditors Act, 1876, and the several Acts amending the same, and in the matter of the bankruptcy of WALTER LAWRY and WILLIAM ROBINS LAWRY, of Seafield, storekeepers, trading together as W. Lawry and Son, debtors.

CANTERBURY DISTRICT. In the matter of The Leases and Sales of Settled Estates Act, 1865, and in the matter of the Rural Section numbered 8340, in the Christchurch District, in the Provincial District of Canterbury.

WITH reference to the above, our many business friends will observe that our business is now carried on with Friedlander Bros. We ask for the same support accorded in the past.

BAZAAR, BURNETT STREET. WEEKLY SALE OF HORSES EVERY SATURDAY, Commencing at 1 p.m.

TINWALD, WHEELWRIGHT and General AGRICULTURAL IMPLEMENT MAKER. All Repairs neatly executed with promptitude and despatch, and at reasonable prices.

SOLE AGENTS FOR THE ASHBURTON COUNTY.

J. S. QUINN, WATCHMAKER, East street, Ashburton, having received a large stock of English gold and silver Watches, will offer the same at the following Reduced Prices, viz.:— Gentlemen's Levers from £18; Gentlemen's silver Levers from £6 10s; Ladies' gold Geneva from £8. Spectacles to suit all sights.

CAPITAL, £1,000,000. MONEY TO BE LENT ON FREEHOLD SECURITY, in sums up to £50,000 in amount.

TENDERS are invited for the following WORKS: No. 39.—Forming, &c., Footpaths on the Wakanui road, from Belt to Trevor's road. No. 56.—Supply of about 200 yards of Metal for Beach road, near Belt.

WE have received instructions to SELL BY PRIVATE TREATY, an Improved Farm, now in fallow. This Farm consists of 127 Acres of the best land in the Wakanui District and will be sold a bargain, on easy terms of payment.

Business Notices.

Then followed a scene of confusion, during which we all seemed to be struggling together—oaths, cries of rage and pain, the noise of blows, the scuffling of feet, all mingled in one confused babel of sounds. A blow from Mr Eardly's life-preserver felled Reuben Blacklock to the floor, where he lay stunned and motionless. The constable and I were struggling with the father, who fought like a mad-man.

IMPOUNDED, at South Rakaia, May 19th, from near Chertsey, one bay MARE, star on forehead, white snip on nose, near hind foot white, saddlemarked. If not released by June 3rd, it will be sold.

ESTABLISHED 1869. The MOST LIBERAL and EQUITABLE OFFICE for Life Assurance in the Australasian Colonies. The best Office for young men. Profits divided every three years. Offices in Melbourne, Sydney, Adelaide, Wellington, and Hobart Town.

NOTICE.—The ASHBURTON GUARDIAN is a Gazette for all notices under the Debtors and Creditors Act.

HAVING satisfactorily DISPOSED of the BUSINESS of BAKER and CONFECTIONER hitherto carried on by me, I have to request that all outstanding ACCOUNTS due to me be PAID on or before SATURDAY, June 4th, 1881.

On Account of A. E. Peache, Esq., Merino EWES. 300 Crossbred EWES. On account of other owners, Prime Fat Crossbred SHEEP, Prime Fat Merino SHEEP. Messrs Friedlander Bros. will receive other entries for this sale, as per advertisement.

The Company is prepared to take risks on all kinds of Property, including Growing Crops of GRAIN and in stack, at current rates.

A 4ft 6in RANGE. Quite new.

ESTABLISHED 1874.

No. 1, PETER STREET, Adjoining Quill's Commercial Hotel, ASHBURTON.

Ashburton: 1st Mass, 9 o'clock; 2nd Mass, 11 o'clock, on the 1st, 3rd, and 5th Sundays. RAKAIA: Mass, 11 o'clock, 4th Sunday of the month.

TENDERS are invited for—1. Twenty-three (23) miles of Water Races, in pieces to suit contractors. 2. Thirty (30) small Bridges; cartage and labour only. Specifications can be seen at the Council Chambers, and endorsed tenders, addressed to the Chairman, to be sent in not later than 10 a.m. on WEDNESDAY, 1st June.

TO LET—A BLACKSMITH'S SHOP, doing a good business, in a thriving country township. For particulars, apply to POYNTZ AND CO., Ashburton.

In the matter of the Debtors and Creditors Act, 1876, and the several Acts amending the same, and in the matter of the bankruptcy of WALTER LAWRY and WILLIAM ROBINS LAWRY, of Seafield, storekeepers, trading together as W. Lawry and Son, debtors.

CANTERBURY DISTRICT. In the matter of The Leases and Sales of Settled Estates Act, 1865, and in the matter of the Rural Section numbered 8340, in the Christchurch District, in the Provincial District of Canterbury.

WITH reference to the above, our many business friends will observe that our business is now carried on with Friedlander Bros. We ask for the same support accorded in the past.

BAZAAR, BURNETT STREET. WEEKLY SALE OF HORSES EVERY SATURDAY, Commencing at 1 p.m.

TINWALD, WHEELWRIGHT and General AGRICULTURAL IMPLEMENT MAKER. All Repairs neatly executed with promptitude and despatch, and at reasonable prices.

SOLE AGENTS FOR THE ASHBURTON COUNTY.

J. S. QUINN, WATCHMAKER, East street, Ashburton, having received a large stock of English gold and silver Watches, will offer the same at the following Reduced Prices, viz.:— Gentlemen's Levers from £18; Gentlemen's silver Levers from £6 10s; Ladies' gold Geneva from £8. Spectacles to suit all sights.

CAPITAL, £1,000,000. MONEY TO BE LENT ON FREEHOLD SECURITY, in sums up to £50,000 in amount.

TENDERS are invited for the following WORKS: No. 39.—Forming, &c., Footpaths on the Wakanui road, from Belt to Trevor's road. No. 56.—Supply of about 200 yards of Metal for Beach road, near Belt.

WE have received instructions to SELL BY PRIVATE TREATY, an Improved Farm, now in fallow. This Farm consists of 127 Acres of the best land in the Wakanui District and will be sold a bargain, on easy terms of payment.

PUBLIC NOTICE is hereby given that the south-eastern end of Tancred street, at its junction with the Town Belt, is CLOSED until further notice.

MESSRS J. T. FORD & CO. (in conjunction with Friedlander Bros.) will sell by Public Auction, at the above Yards, on

ESTATE and STATION AGENT, LICENSED LAND BROKER (Under the Land Transfer Act), and GENERAL MERCHANT, EAST STREET, ASHBURTON. HAS ON SALE—Fencing Wire, Nos. 6, 7, 8, 9, 10, Twisting Corn, Grass and Garden Seeds, Binding Wire. WINE & SPIRIT MERCHANT, Agent AUSTRALIAN MUTUAL PROVIDENT SOCIETY.

TO LET—BOARDING HOUSE in East street, presently in occupation of Mr C. Breckle. Apply to

ASHBURTON CORN & CHAFF STORE. HAS ALWAYS ON HAND— FLOUR, STRAW, HAY, OATS, BRAN, SHARPS, CHAFF, CRUSHED OATS, POTATOES, BEANS, PEAS, CARROTS, &c., &c., in Large or Small Quantities, at Lowest Prices. Note the Address— NEXT EVERETT BROS.

MERCHANT TAILOR, PRACTICAL TROUSERS AND BREECHES MAKER. Wishes to inform his numerous friends and customers of Ashburton and the Province of Canterbury generally, that, owing to his great success in business, he has EXTENDED HIS PREMISES.

A MEETING of the Amateur Dramatic Club is hereby convened for THURSDAY Evening, June 2, at usual time.

MOUNT SOMERS ROAD BOARD. TENDERS are invited for the following WORK: Contract No. 39.—Formation, Cuttings, &c., on Wright's road (Hinds), 75 chains, more or less. Tenders, addressed to the Chairman, will be received until noon on FRIDAY, June 3rd. The lowest or any tender not necessarily accepted.

PHOTOGRAPHY.—Portraits are now being taken by the New Instantaneous Gelatine Emulsion Process at HENRY'S PORTRAIT ROOMS, Saunders' Buildings, East street, Ashburton.

In the matter of the Debtors and Creditors Act, 1876, and the several Acts amending the same, and in the matter of the bankruptcy of WILLIAM PATERSON, of the Hinds, in the County of Ashburton, farmer, a debtor. Notice is hereby given that the creditors of the above-named debtor have this day appointed Frederick Pavitt, of Ashburton, commission agent, creditors' trustee in this bankruptcy.

OWNERS of GRISTS will be CHARGED as 2d per bushel respectively for CLEANING First and Second Class WHEAT, in addition to the charge for Grinding.
